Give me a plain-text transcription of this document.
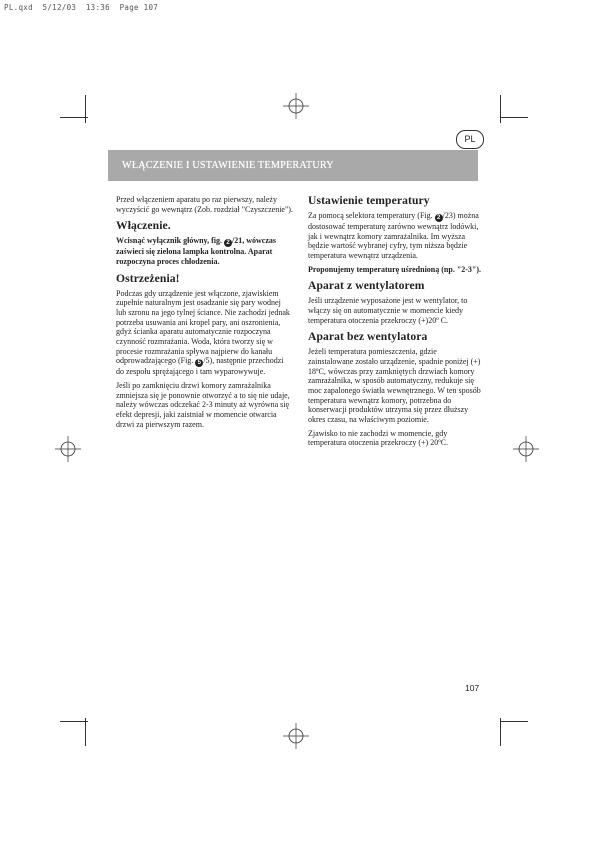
PL.qxd  5/12/03  13:36  Page 107
PL
WŁĄCZENIE I USTAWIENIE TEMPERATURY

Przed włączeniem aparatu po raz pierwszy, należy wyczyścić go wewnątrz (Zob. rozdział "Czyszczenie").

Włączenie.

Wcisnąć wyłącznik główny, fig. 2 /21, wówczas zaświeci się zielona lampka kontrolna. Aparat rozpoczyna proces chłodzenia.

Ostrzeżenia!

Podczas gdy urządzenie jest włączone, zjawiskiem zupełnie naturalnym jest osadzanie się pary wodnej lub szronu na jego tylnej ściance. Nie zachodzi jednak potrzeba usuwania ani kropel pary, ani oszronienia, gdyż ścianka aparatu automatycznie rozpoczyna czynność rozmrażania. Woda, która tworzy się w procesie rozmrażania spływa najpierw do kanału odprowadzającego (Fig. 5 /5), następnie przechodzi do zespołu sprężającego i tam wyparowywuje.

Jeśli po zamknięciu drzwi komory zamrażalnika zmniejsza się je ponownie otworzyć a to się nie udaje, należy wówczas odczekać 2-3 minuty aż wyrówna się efekt depresji, jaki zaistniał w momencie otwarcia drzwi za pierwszym razem.

Ustawienie temperatury

Za pomocą selektora temperatury (Fig. 2 /23) można dostosować temperaturę zarówno wewnątrz lodówki, jak i wewnątrz komory zamrażalnika. Im wyższa będzie wartość wybranej cyfry, tym niższa będzie temperatura wewnątrz urządzenia.

Proponujemy temperaturę uśrednioną (np. "2-3").

Aparat z wentylatorem

Jeśli urządzenie wyposażone jest w wentylator, to włączy się on automatycznie w momencie kiedy temperatura otoczenia przekroczy (+)20º C.

Aparat bez wentylatora

Jeżeli temperatura pomieszczenia, gdzie zainstalowane zostało urządzenie, spadnie poniżej (+) 18ºC, wówczas przy zamkniętych drzwiach komory zamrażalnika, w sposób automatyczny, redukuje się moc zapalonego światła wewnętrznego. W ten sposób temperatura wewnątrz komory, potrzebna do konserwacji produktów utrzyma się przez dłuższy okres czasu, na właściwym poziomie.

Zjawisko to nie zachodzi w momencie, gdy temperatura otoczenia przekroczy (+) 20ºC.

107
